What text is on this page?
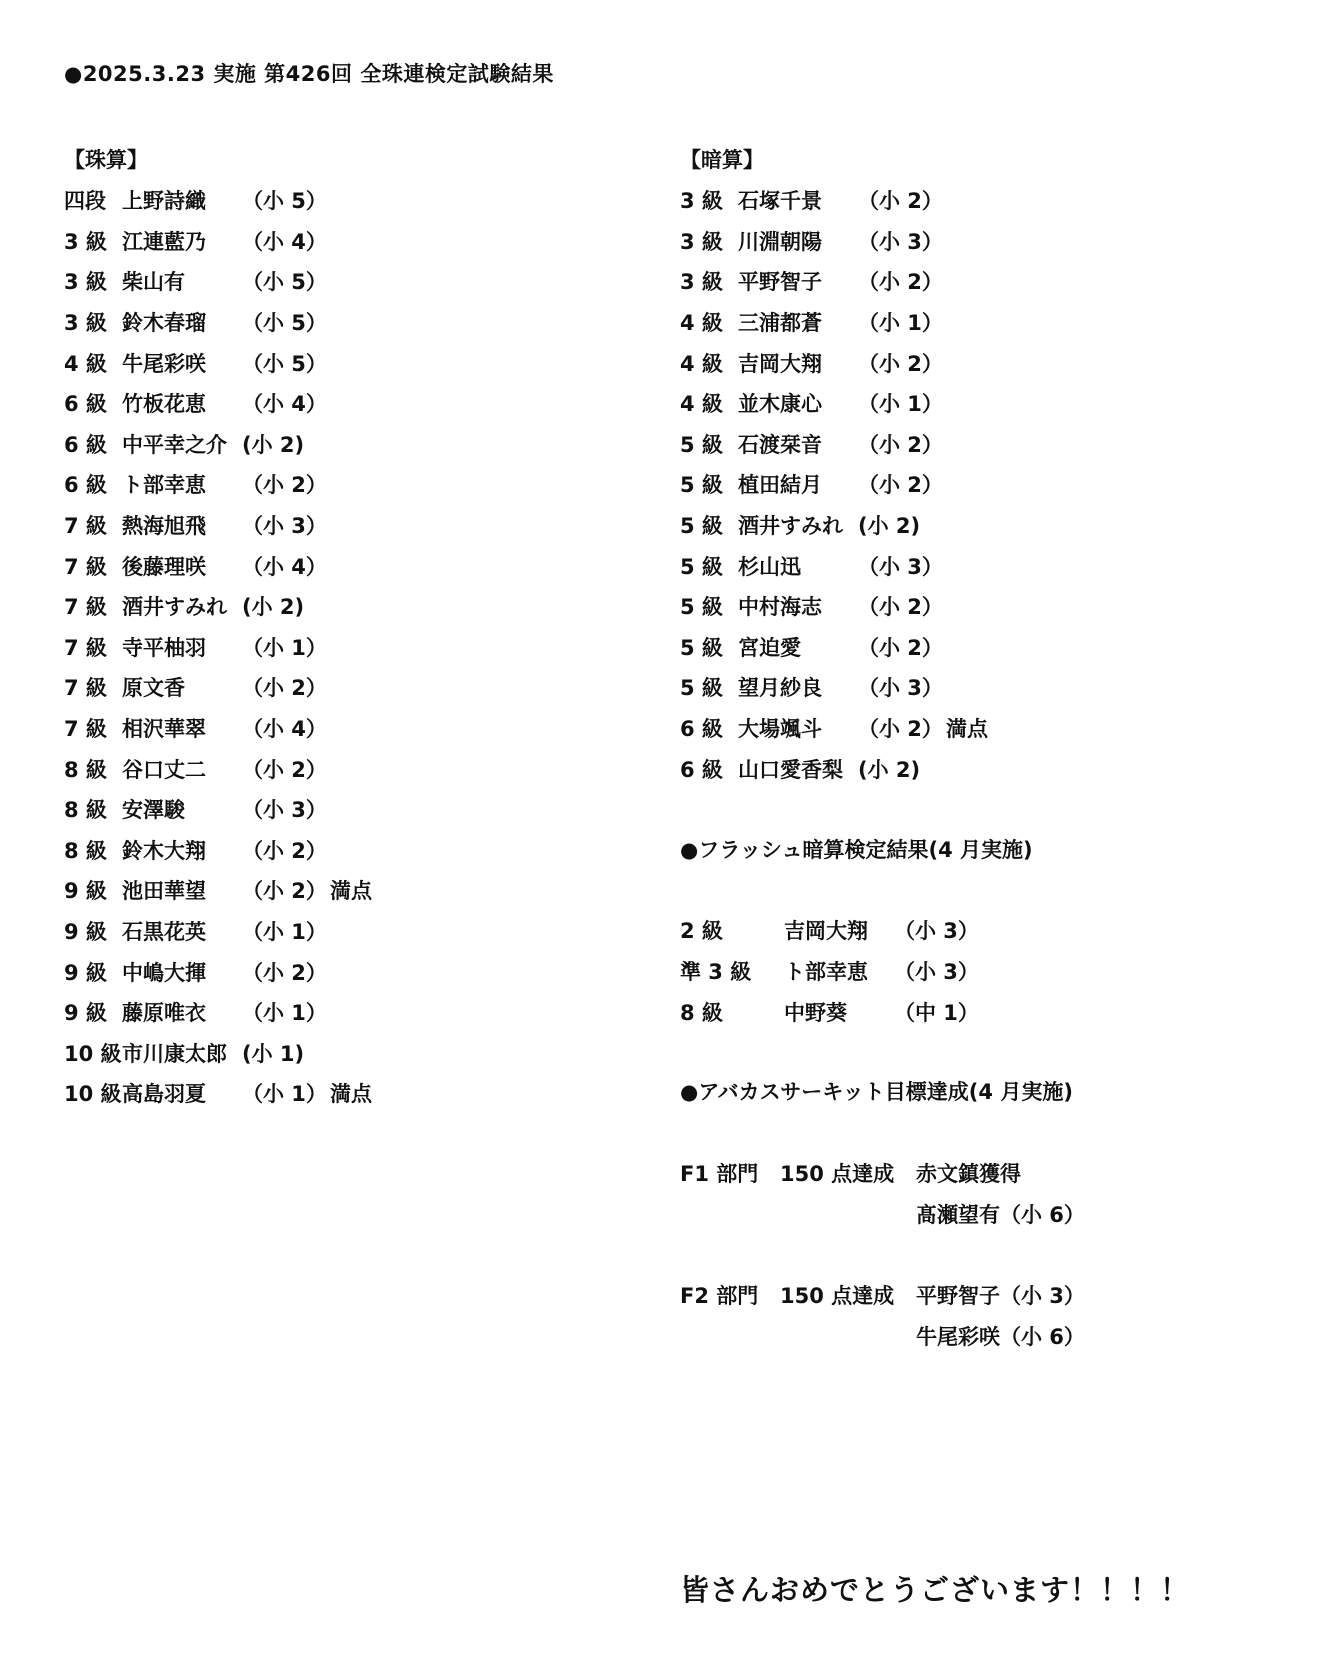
●2025.3.23 実施 第426回 全珠連検定試験結果
【珠算】
四段 上野詩織	（小 5）
3 級 江連藍乃	（小 4）
3 級 柴山有	（小 5）
3 級 鈴木春瑠	（小 5）
4 級 牛尾彩咲	（小 5）
6 級 竹板花恵	（小 4）
6 級 中平幸之介 (小 2)
6 級 ト部幸恵	（小 2）
7 級 熱海旭飛	（小 3）
7 級 後藤理咲	（小 4）
7 級 酒井すみれ (小 2)
7 級 寺平柚羽	（小 1）
7 級 原文香	（小 2）
7 級 相沢華翠	（小 4）
8 級 谷口丈二	（小 2）
8 級 安澤駿	（小 3）
8 級 鈴木大翔	（小 2）
9 級 池田華望	（小 2） 満点
9 級 石黒花英	（小 1）
9 級 中嶋大揮	（小 2）
9 級 藤原唯衣	（小 1）
10 級 市川康太郎 (小 1)
10 級 高島羽夏	（小 1） 満点
【暗算】
3 級 石塚千景	（小 2）
3 級 川淵朝陽	（小 3）
3 級 平野智子	（小 2）
4 級 三浦都蒼	（小 1）
4 級 吉岡大翔	（小 2）
4 級 並木康心	（小 1）
5 級 石渡栞音	（小 2）
5 級 植田結月	（小 2）
5 級 酒井すみれ (小 2)
5 級 杉山迅	（小 3）
5 級 中村海志	（小 2）
5 級 宮迫愛	（小 2）
5 級 望月紗良	（小 3）
6 級 大場颯斗	（小 2） 満点
6 級 山口愛香梨 (小 2)
●フラッシュ暗算検定結果(4 月実施)
2 級	吉岡大翔	（小 3）
準 3 級	ト部幸恵	（小 3）
8 級	中野葵	（中 1）
●アバカスサーキット目標達成(4 月実施)
F1 部門	150 点達成	赤文鎮獲得
髙瀬望有（小 6）
F2 部門	150 点達成	平野智子（小 3）
牛尾彩咲（小 6）
皆さんおめでとうございます！！！！
